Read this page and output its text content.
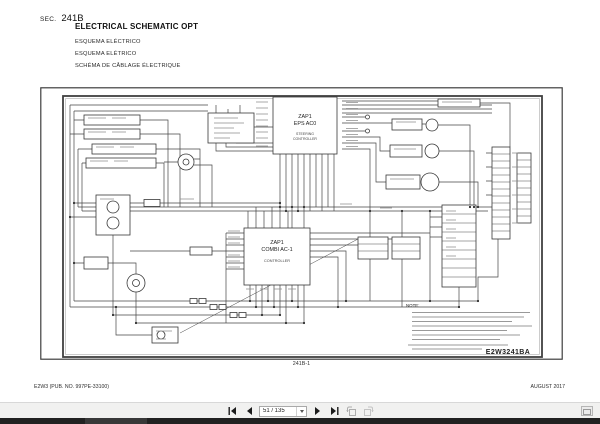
SEC. 241B
ELECTRICAL SCHEMATIC OPT
ESQUEMA ELÉCTRICO
ESQUEMA ELÉTRICO
SCHÉMA DE CÂBLAGE ÉLECTRIQUE
ZAP1
EPS AC0
STEERING
CONTROLLER
ZAP1
COMBI AC-1
CONTROLLER
NOTE:
E2W3241BA
241B-1
E2W3 (PUB. NO. 997PE-33100)	AUGUST 2017
51 / 135
